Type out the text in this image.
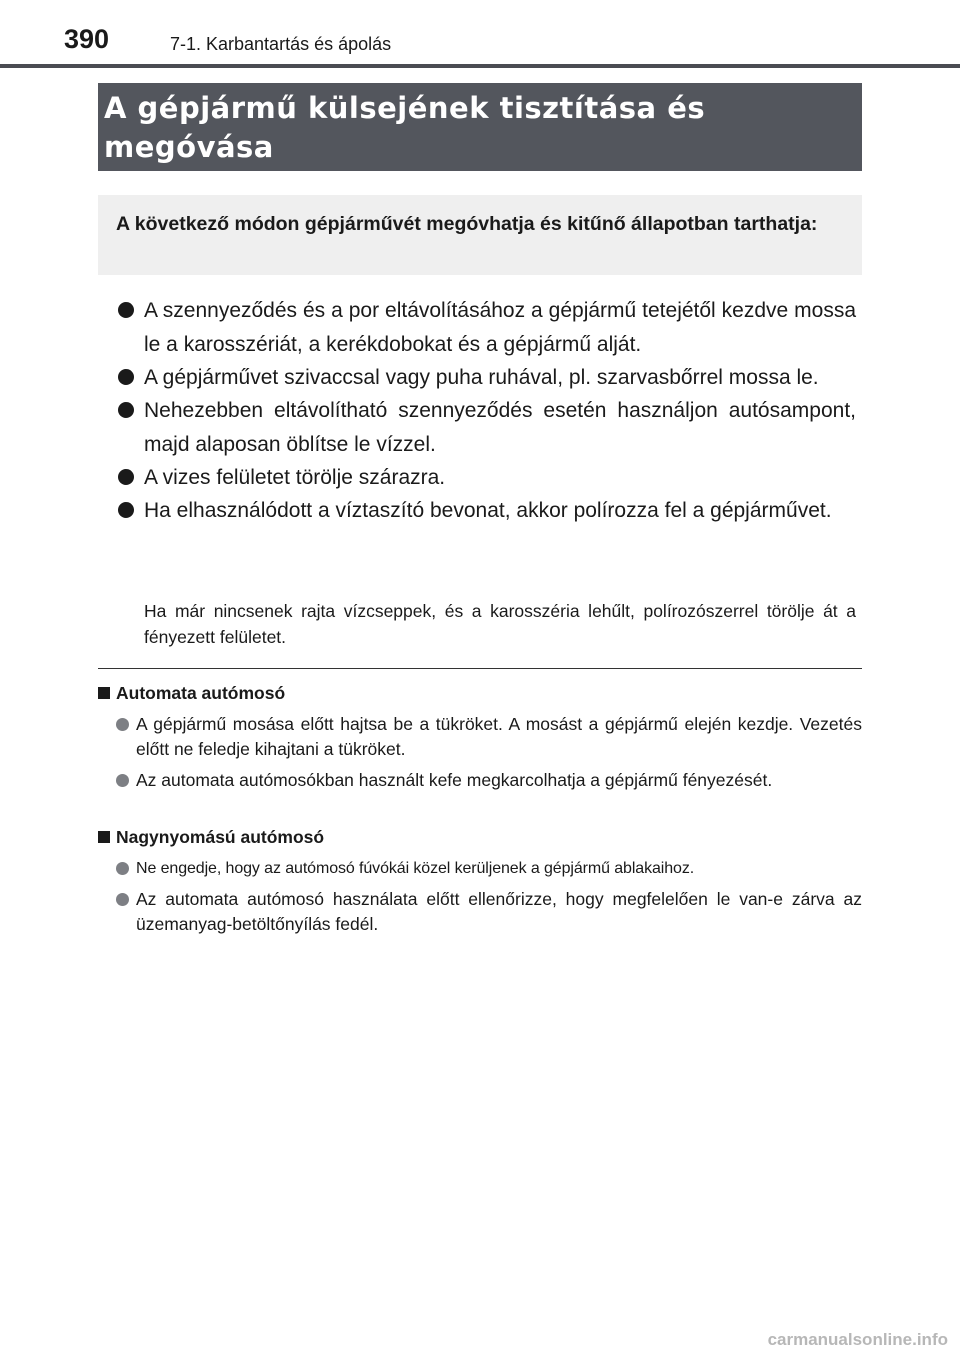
390	7-1. Karbantartás és ápolás
A gépjármű külsejének tisztítása és
megóvása

A következő módon gépjárművét megóvhatja és kitűnő állapotban tarthatja:

A szennyeződés és a por eltávolításához a gépjármű tetejétől kezdve mossa le a karosszériát, a kerékdobokat és a gépjármű alját.
A gépjárművet szivaccsal vagy puha ruhával, pl. szarvasbőrrel mossa le.
Nehezebben eltávolítható szennyeződés esetén használjon autósampont, majd alaposan öblítse le vízzel.
A vizes felületet törölje szárazra.
Ha elhasználódott a víztaszító bevonat, akkor polírozza fel a gépjárművet.

Ha már nincsenek rajta vízcseppek, és a karosszéria lehűlt, polírozószerrel törölje át a fényezett felületet.

Automata autómosó
A gépjármű mosása előtt hajtsa be a tükröket. A mosást a gépjármű elején kezdje. Vezetés előtt ne feledje kihajtani a tükröket.
Az automata autómosókban használt kefe megkarcolhatja a gépjármű fényezését.
Nagynyomású autómosó
Ne engedje, hogy az autómosó fúvókái közel kerüljenek a gépjármű ablakaihoz.
Az automata autómosó használata előtt ellenőrizze, hogy megfelelően le van-e zárva az üzemanyag-betöltőnyílás fedél.
carmanualsonline.info
